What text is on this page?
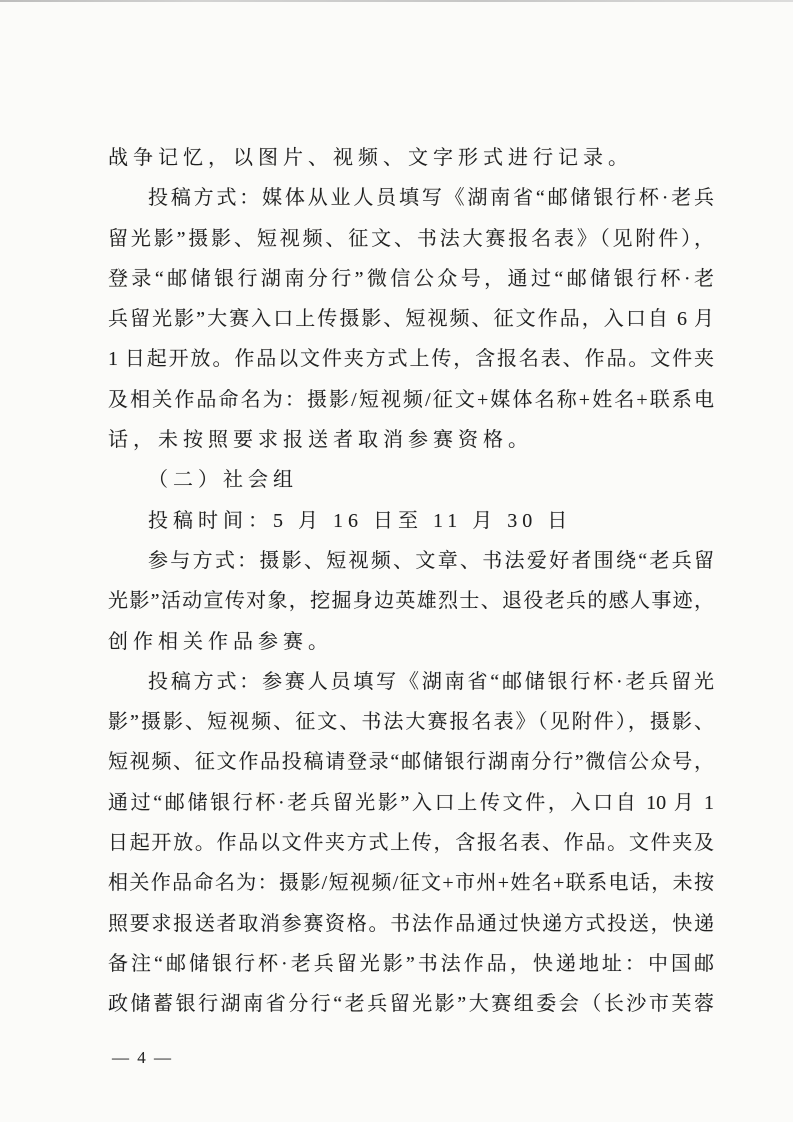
战争记忆，以图片、视频、文字形式进行记录。
投稿方式：媒体从业人员填写《湖南省“邮储银行杯·老兵
留光影”摄影、短视频、征文、书法大赛报名表》（见附件），
登录“邮储银行湖南分行”微信公众号，通过“邮储银行杯·老
兵留光影”大赛入口上传摄影、短视频、征文作品，入口自 6 月
1 日起开放。作品以文件夹方式上传，含报名表、作品。文件夹
及相关作品命名为：摄影/短视频/征文+媒体名称+姓名+联系电
话，未按照要求报送者取消参赛资格。
（二）社会组
投稿时间：5 月 16 日至 11 月 30 日
参与方式：摄影、短视频、文章、书法爱好者围绕“老兵留
光影”活动宣传对象，挖掘身边英雄烈士、退役老兵的感人事迹，
创作相关作品参赛。
投稿方式：参赛人员填写《湖南省“邮储银行杯·老兵留光
影”摄影、短视频、征文、书法大赛报名表》（见附件），摄影、
短视频、征文作品投稿请登录“邮储银行湖南分行”微信公众号，
通过“邮储银行杯·老兵留光影”入口上传文件，入口自 10 月 1
日起开放。作品以文件夹方式上传，含报名表、作品。文件夹及
相关作品命名为：摄影/短视频/征文+市州+姓名+联系电话，未按
照要求报送者取消参赛资格。书法作品通过快递方式投送，快递
备注“邮储银行杯·老兵留光影”书法作品，快递地址：中国邮
政储蓄银行湖南省分行“老兵留光影”大赛组委会（长沙市芙蓉
— 4 —
